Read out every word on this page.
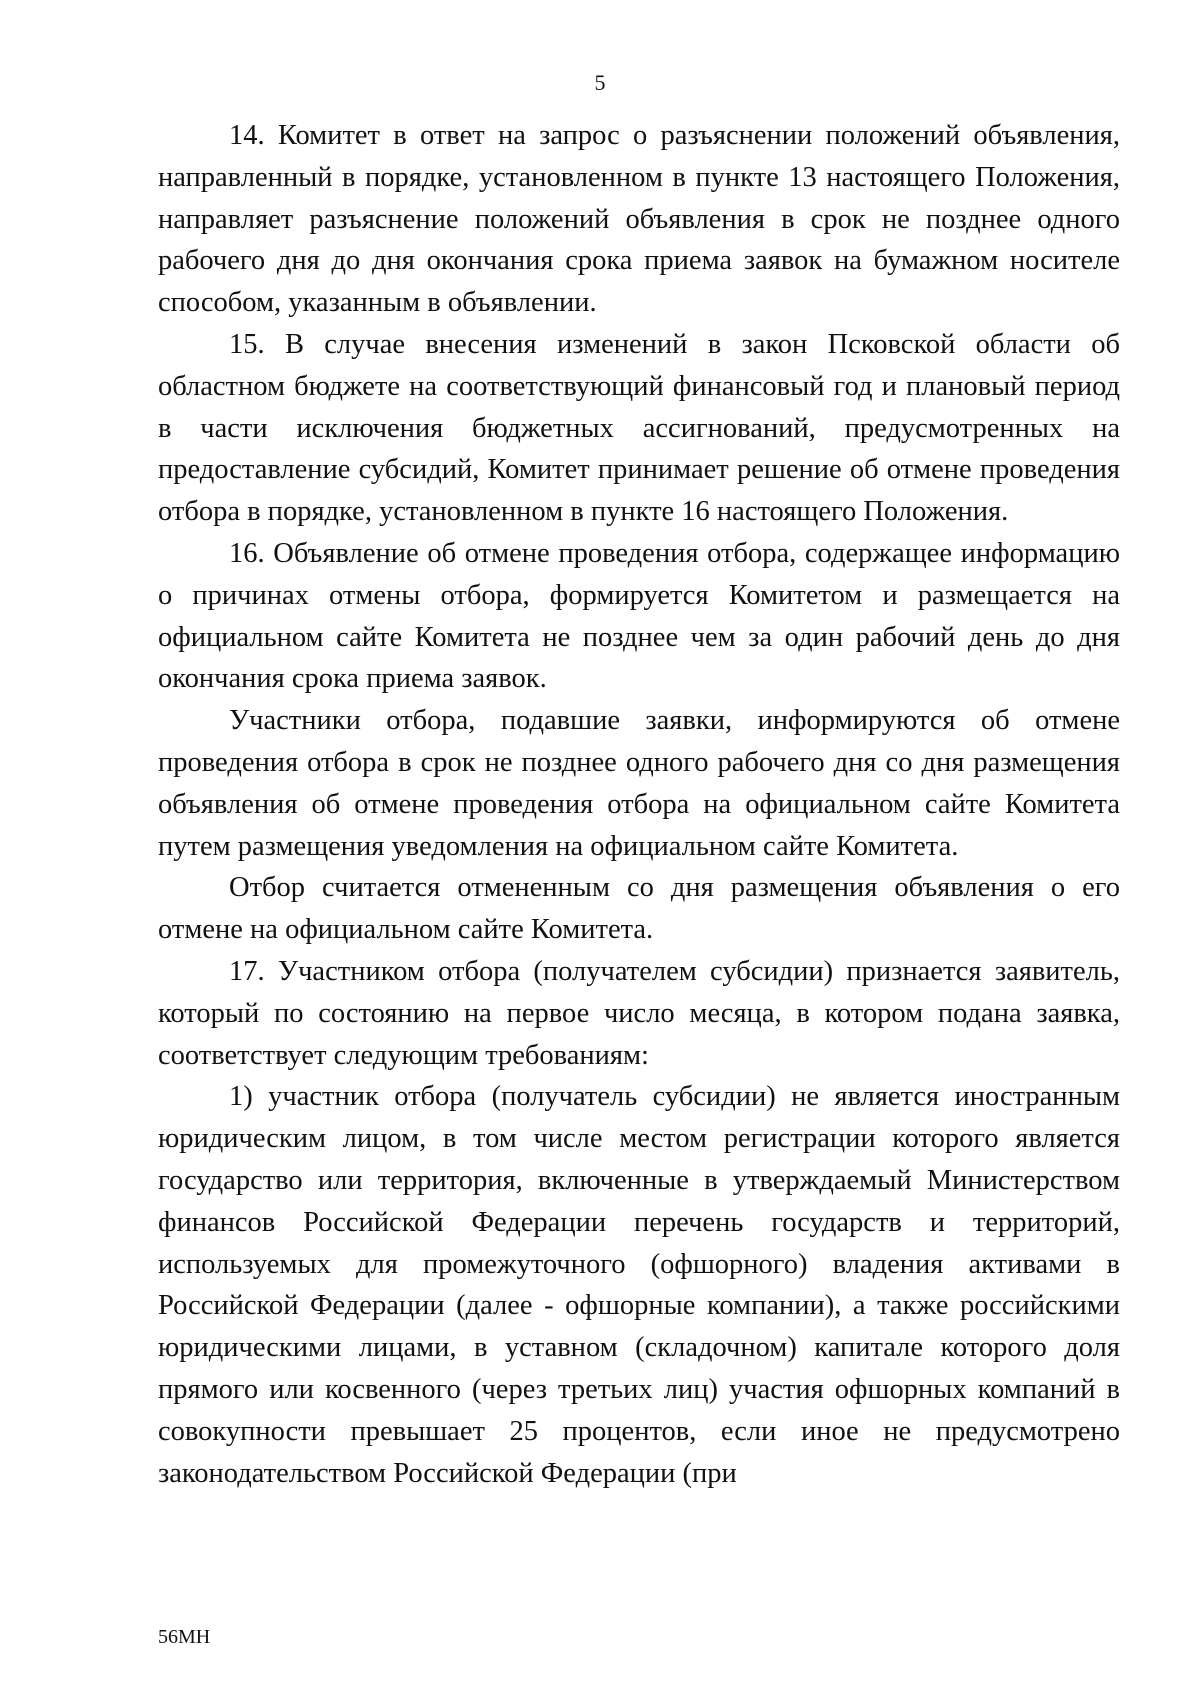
5

14. Комитет в ответ на запрос о разъяснении положений объявления, направленный в порядке, установленном в пункте 13 настоящего Положения, направляет разъяснение положений объявления в срок не позднее одного рабочего дня до дня окончания срока приема заявок на бумажном носителе способом, указанным в объявлении.

15. В случае внесения изменений в закон Псковской области об областном бюджете на соответствующий финансовый год и плановый период в части исключения бюджетных ассигнований, предусмотренных на предоставление субсидий, Комитет принимает решение об отмене проведения отбора в порядке, установленном в пункте 16 настоящего Положения.

16. Объявление об отмене проведения отбора, содержащее информацию о причинах отмены отбора, формируется Комитетом и размещается на официальном сайте Комитета не позднее чем за один рабочий день до дня окончания срока приема заявок.

Участники отбора, подавшие заявки, информируются об отмене проведения отбора в срок не позднее одного рабочего дня со дня размещения объявления об отмене проведения отбора на официальном сайте Комитета путем размещения уведомления на официальном сайте Комитета.

Отбор считается отмененным со дня размещения объявления о его отмене на официальном сайте Комитета.

17. Участником отбора (получателем субсидии) признается заявитель, который по состоянию на первое число месяца, в котором подана заявка, соответствует следующим требованиям:

1) участник отбора (получатель субсидии) не является иностранным юридическим лицом, в том числе местом регистрации которого является государство или территория, включенные в утверждаемый Министерством финансов Российской Федерации перечень государств и территорий, используемых для промежуточного (офшорного) владения активами в Российской Федерации (далее - офшорные компании), а также российскими юридическими лицами, в уставном (складочном) капитале которого доля прямого или косвенного (через третьих лиц) участия офшорных компаний в совокупности превышает 25 процентов, если иное не предусмотрено законодательством Российской Федерации (при

56МН
